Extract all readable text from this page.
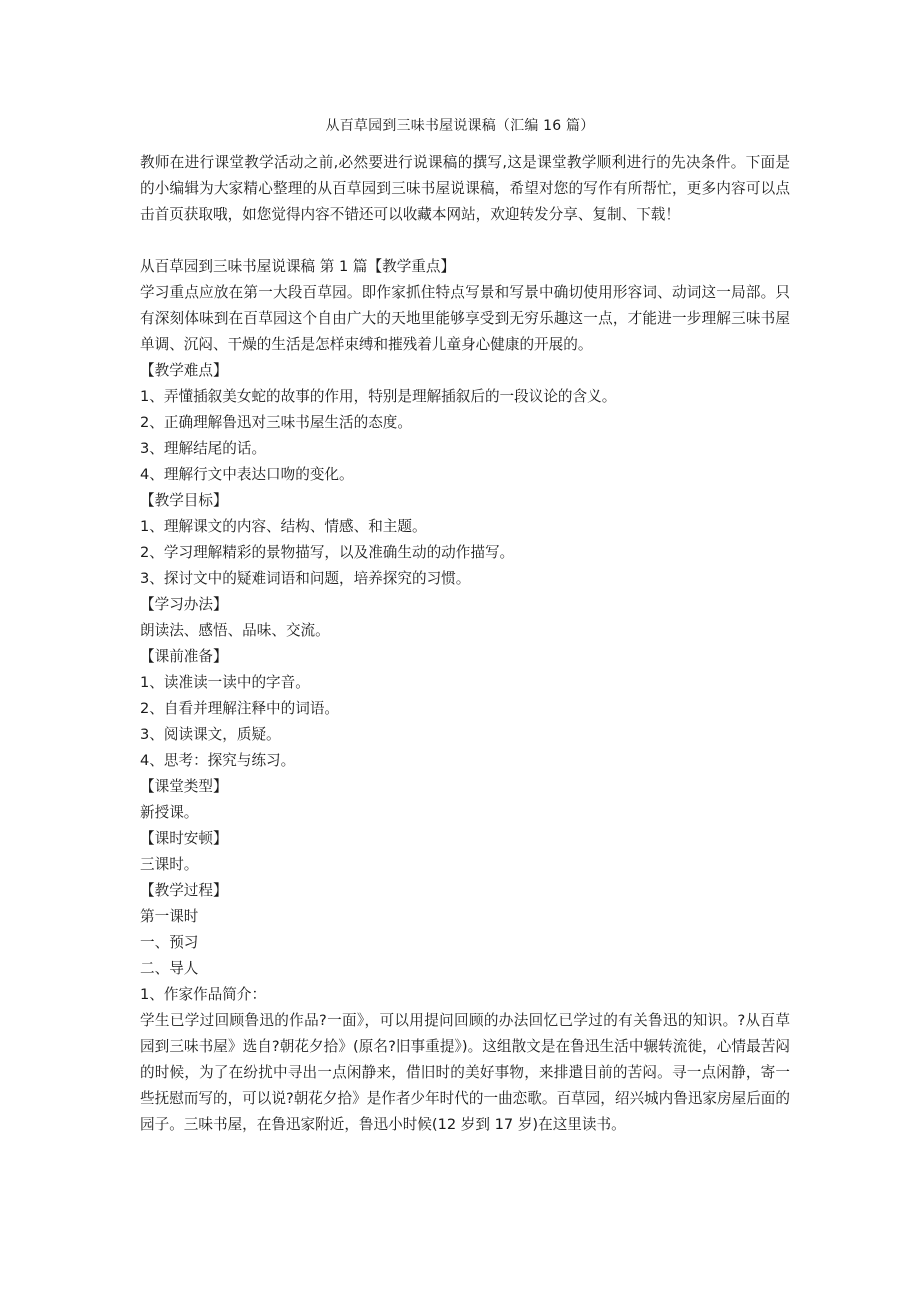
从百草园到三味书屋说课稿（汇编 16 篇）

教师在进行课堂教学活动之前,必然要进行说课稿的撰写,这是课堂教学顺利进行的先决条件。下面是的小编辑为大家精心整理的从百草园到三味书屋说课稿，希望对您的写作有所帮忙，更多内容可以点击首页获取哦，如您觉得内容不错还可以收藏本网站，欢迎转发分享、复制、下载！

从百草园到三味书屋说课稿 第 1 篇【教学重点】

学习重点应放在第一大段百草园。即作家抓住特点写景和写景中确切使用形容词、动词这一局部。只有深刻体味到在百草园这个自由广大的天地里能够享受到无穷乐趣这一点，才能进一步理解三味书屋单调、沉闷、干燥的生活是怎样束缚和摧残着儿童身心健康的开展的。

【教学难点】

1、弄懂插叙美女蛇的故事的作用，特别是理解插叙后的一段议论的含义。

2、正确理解鲁迅对三味书屋生活的态度。

3、理解结尾的话。

4、理解行文中表达口吻的变化。

【教学目标】

1、理解课文的内容、结构、情感、和主题。

2、学习理解精彩的景物描写，以及准确生动的动作描写。

3、探讨文中的疑难词语和问题，培养探究的习惯。

【学习办法】

朗读法、感悟、品味、交流。

【课前准备】

1、读准读一读中的字音。

2、自看并理解注释中的词语。

3、阅读课文，质疑。

4、思考：探究与练习。

【课堂类型】

新授课。

【课时安顿】

三课时。

【教学过程】

第一课时

一、预习

二、导人

1、作家作品简介：

学生已学过回顾鲁迅的作品?一面》，可以用提问回顾的办法回忆已学过的有关鲁迅的知识。?从百草园到三味书屋》选自?朝花夕拾》(原名?旧事重提》)。这组散文是在鲁迅生活中辗转流徙，心情最苦闷的时候，为了在纷扰中寻出一点闲静来，借旧时的美好事物，来排遣目前的苦闷。寻一点闲静，寄一些抚慰而写的，可以说?朝花夕拾》是作者少年时代的一曲恋歌。百草园，绍兴城内鲁迅家房屋后面的园子。三味书屋，在鲁迅家附近，鲁迅小时候(12 岁到 17 岁)在这里读书。
